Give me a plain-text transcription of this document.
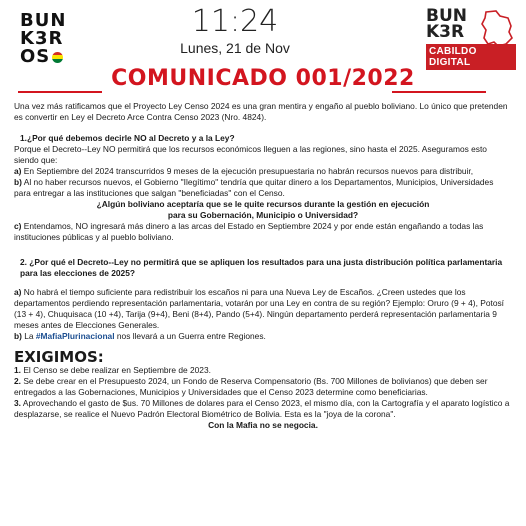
BUN
K3R
OS
11:24
Lunes, 21 de Nov
BUN
K3R
CABILDO DIGITAL
COMUNICADO 001/2022

Una vez más ratificamos que el Proyecto Ley Censo 2024 es una gran mentira y engaño al pueblo boliviano. Lo único que pretenden es convertir en Ley el Decreto Arce Contra Censo 2023 (Nro. 4824).

1.¿Por qué debemos decirle NO al Decreto y a la Ley?

Porque el Decreto--Ley NO permitirá que los recursos económicos lleguen a las regiones, sino hasta el 2025. Aseguramos esto siendo que:

a) En Septiembre del 2024 transcurridos 9 meses de la ejecución presupuestaria no habrán recursos nuevos para distribuir,

b) Al no haber recursos nuevos, el Gobierno "Ilegítimo" tendría que quitar dinero a los Departamentos, Municipios, Universidades para entregar a las instituciones que salgan "beneficiadas" con el Censo.

¿Algún boliviano aceptaría que se le quite recursos durante la gestión en ejecución

para su Gobernación, Municipio o Universidad?

c) Entendamos, NO ingresará más dinero a las arcas del Estado en Septiembre 2024 y por ende están engañando a todas las instituciones públicas y al pueblo boliviano.

2. ¿Por qué el Decreto--Ley no permitirá que se apliquen los resultados para una justa distribución política parlamentaria para las elecciones de 2025?

a) No habrá el tiempo suficiente para redistribuir los escaños ni para una Nueva Ley de Escaños. ¿Creen ustedes que los departamentos perdiendo representación parlamentaria, votarán por una Ley en contra de su región? Ejemplo: Oruro (9 + 4), Potosí (13 + 4), Chuquisaca (10 +4), Tarija (9+4), Beni (8+4), Pando (5+4). Ningún departamento perderá representación parlamentaria 9 meses antes de Elecciones Generales.

b) La #MafiaPlurinacional nos llevará a un Guerra entre Regiones.

EXIGIMOS:

1. El Censo se debe realizar en Septiembre de 2023.

2. Se debe crear en el Presupuesto 2024, un Fondo de Reserva Compensatorio (Bs. 700 Millones de bolivianos) que deben ser       entregados a las Gobernaciones, Municipios y Universidades que el Censo 2023 determine como beneficiarias.

3. Aprovechando el gasto de $us. 70 Millones de dolares para el Censo 2023, el mismo día, con la Cartografía y el aparato logístico a desplazarse, se realice el Nuevo Padrón Electoral Biométrico de Bolivia. Esta es la "joya de la corona".

Con la Mafia no se negocia.
